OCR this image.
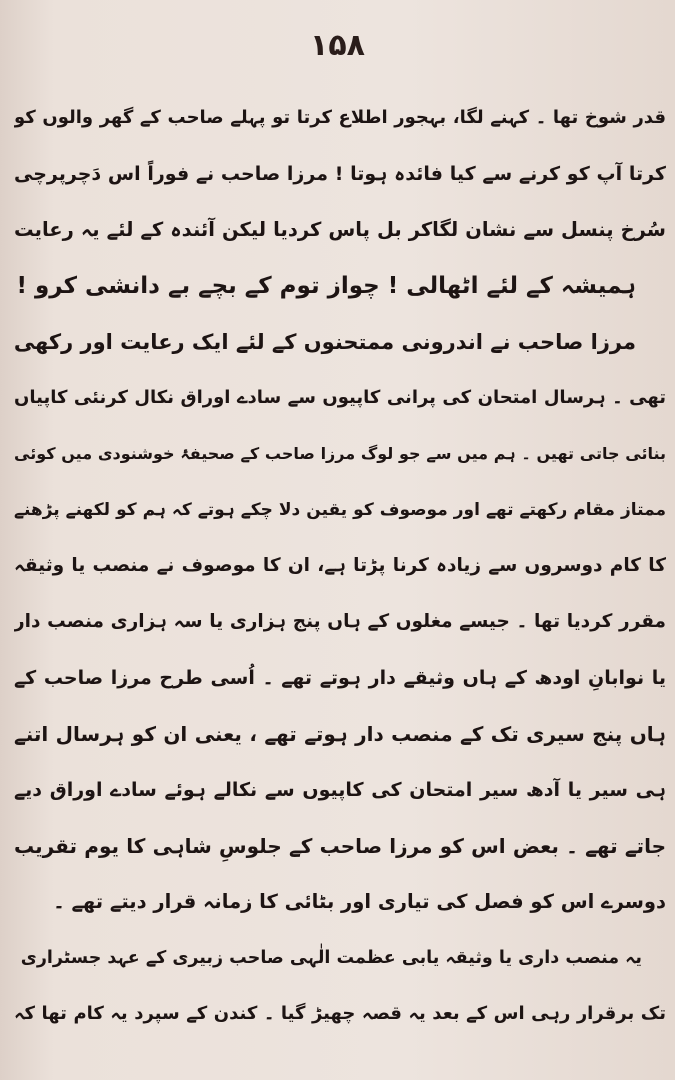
۱۵۸
قدر شوخ تھا ۔ کہنے لگا، بہجور اطلاع کرتا تو پہلے صاحب کے گھر والوں کو
کرتا آپ کو کرنے سے کیا فائدہ ہوتا ! مرزا صاحب نے فوراً اس دَچرپرچی
سُرخ پنسل سے نشان لگاکر بل پاس کردیا لیکن آئندہ کے لئے یہ رعایت
ہمیشہ کے لئے اٹھالی ! چواز توم کے بچے بے دانشی کرو !
مرزا صاحب نے اندرونی ممتحنوں کے لئے ایک رعایت اور رکھی
تھی ۔ ہرسال امتحان کی پرانی کاپیوں سے سادے اوراق نکال کرنئی کاپیاں
بنائی جاتی تھیں ۔ ہم میں سے جو لوگ مرزا صاحب کے صحیفۂ خوشنودی میں کوئی
ممتاز مقام رکھتے تھے اور موصوف کو یقین دلا چکے ہوتے کہ ہم کو لکھنے پڑھنے
کا کام دوسروں سے زیادہ کرنا پڑتا ہے، ان کا موصوف نے منصب یا وثیقہ
مقرر کردیا تھا ۔ جیسے مغلوں کے ہاں پنج ہزاری یا سہ ہزاری منصب دار
یا نوابانِ اودھ کے ہاں وثیقے دار ہوتے تھے ۔ اُسی طرح مرزا صاحب کے
ہاں پنج سیری تک کے منصب دار ہوتے تھے ، یعنی ان کو ہرسال اتنے
ہی سیر یا آدھ سیر امتحان کی کاپیوں سے نکالے ہوئے سادے اوراق دیے
جاتے تھے ۔ بعض اس کو مرزا صاحب کے جلوسِ شاہی کا یوم تقریب
دوسرے اس کو فصل کی تیاری اور بٹائی کا زمانہ قرار دیتے تھے ۔
یہ منصب داری یا وثیقہ یابی عظمت الٰہی صاحب زبیری کے عہد جسٹراری
تک برقرار رہی اس کے بعد یہ قصہ چھیڑ گیا ۔ کندن کے سپرد یہ کام تھا کہ
